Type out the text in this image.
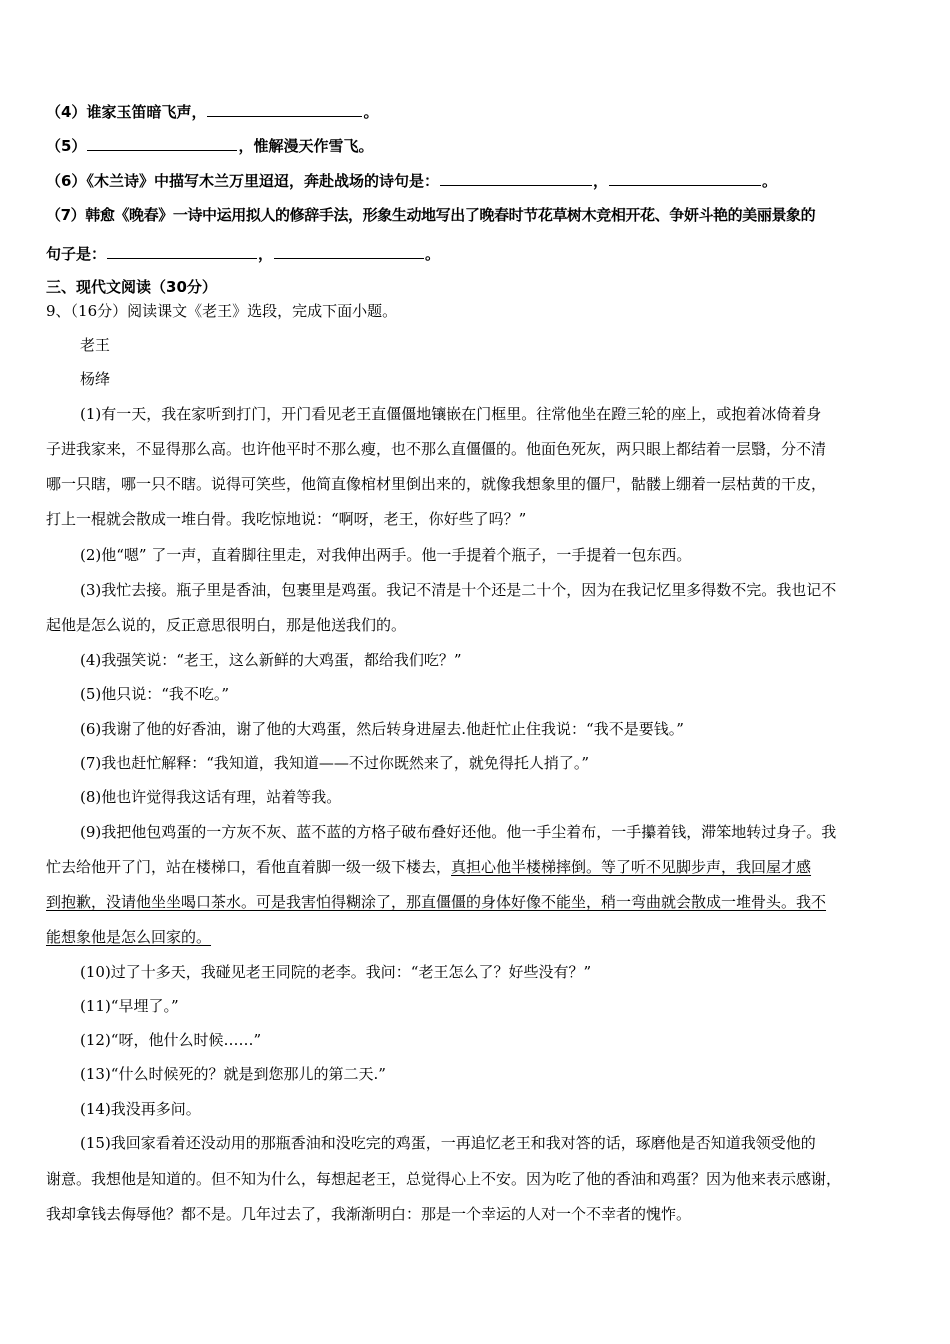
（4）谁家玉笛暗飞声，	。
（5）	，惟解漫天作雪飞。
（6）《木兰诗》中描写木兰万里迢迢，奔赴战场的诗句是：	，	。
（7）韩愈《晚春》一诗中运用拟人的修辞手法，形象生动地写出了晚春时节花草树木竞相开花、争妍斗艳的美丽景象的
句子是：	，	。
三、现代文阅读（30分）
9、（16分）阅读课文《老王》选段，完成下面小题。
老王
杨绛
(1)有一天，我在家听到打门，开门看见老王直僵僵地镶嵌在门框里。往常他坐在蹬三轮的座上，或抱着冰倚着身
子进我家来，不显得那么高。也许他平时不那么瘦，也不那么直僵僵的。他面色死灰，两只眼上都结着一层翳，分不清
哪一只瞎，哪一只不瞎。说得可笑些，他简直像棺材里倒出来的，就像我想象里的僵尸，骷髅上绷着一层枯黄的干皮，
打上一棍就会散成一堆白骨。我吃惊地说：“啊呀，老王，你好些了吗？”
(2)他“嗯” 了一声，直着脚往里走，对我伸出两手。他一手提着个瓶子，一手提着一包东西。
(3)我忙去接。瓶子里是香油，包裹里是鸡蛋。我记不清是十个还是二十个，因为在我记忆里多得数不完。我也记不
起他是怎么说的，反正意思很明白，那是他送我们的。
(4)我强笑说：“老王，这么新鲜的大鸡蛋，都给我们吃？”
(5)他只说：“我不吃。”
(6)我谢了他的好香油，谢了他的大鸡蛋，然后转身进屋去.他赶忙止住我说：“我不是要钱。”
(7)我也赶忙解释：“我知道，我知道——不过你既然来了，就免得托人捎了。”
(8)他也许觉得我这话有理，站着等我。
(9)我把他包鸡蛋的一方灰不灰、蓝不蓝的方格子破布叠好还他。他一手尘着布，一手攥着钱，滞笨地转过身子。我
忙去给他开了门，站在楼梯口，看他直着脚一级一级下楼去，真担心他半楼梯摔倒。等了听不见脚步声，我回屋才感
到抱歉，没请他坐坐喝口茶水。可是我害怕得糊涂了，那直僵僵的身体好像不能坐，稍一弯曲就会散成一堆骨头。我不
能想象他是怎么回家的。
(10)过了十多天，我碰见老王同院的老李。我问：“老王怎么了？好些没有？”
(11)“早埋了。”
(12)“呀，他什么时候……”
(13)“什么时候死的？就是到您那儿的第二天.”
(14)我没再多问。
(15)我回家看着还没动用的那瓶香油和没吃完的鸡蛋，一再追忆老王和我对答的话，琢磨他是否知道我领受他的
谢意。我想他是知道的。但不知为什么，每想起老王，总觉得心上不安。因为吃了他的香油和鸡蛋？因为他来表示感谢，
我却拿钱去侮辱他？都不是。几年过去了，我渐渐明白：那是一个幸运的人对一个不幸者的愧怍。
